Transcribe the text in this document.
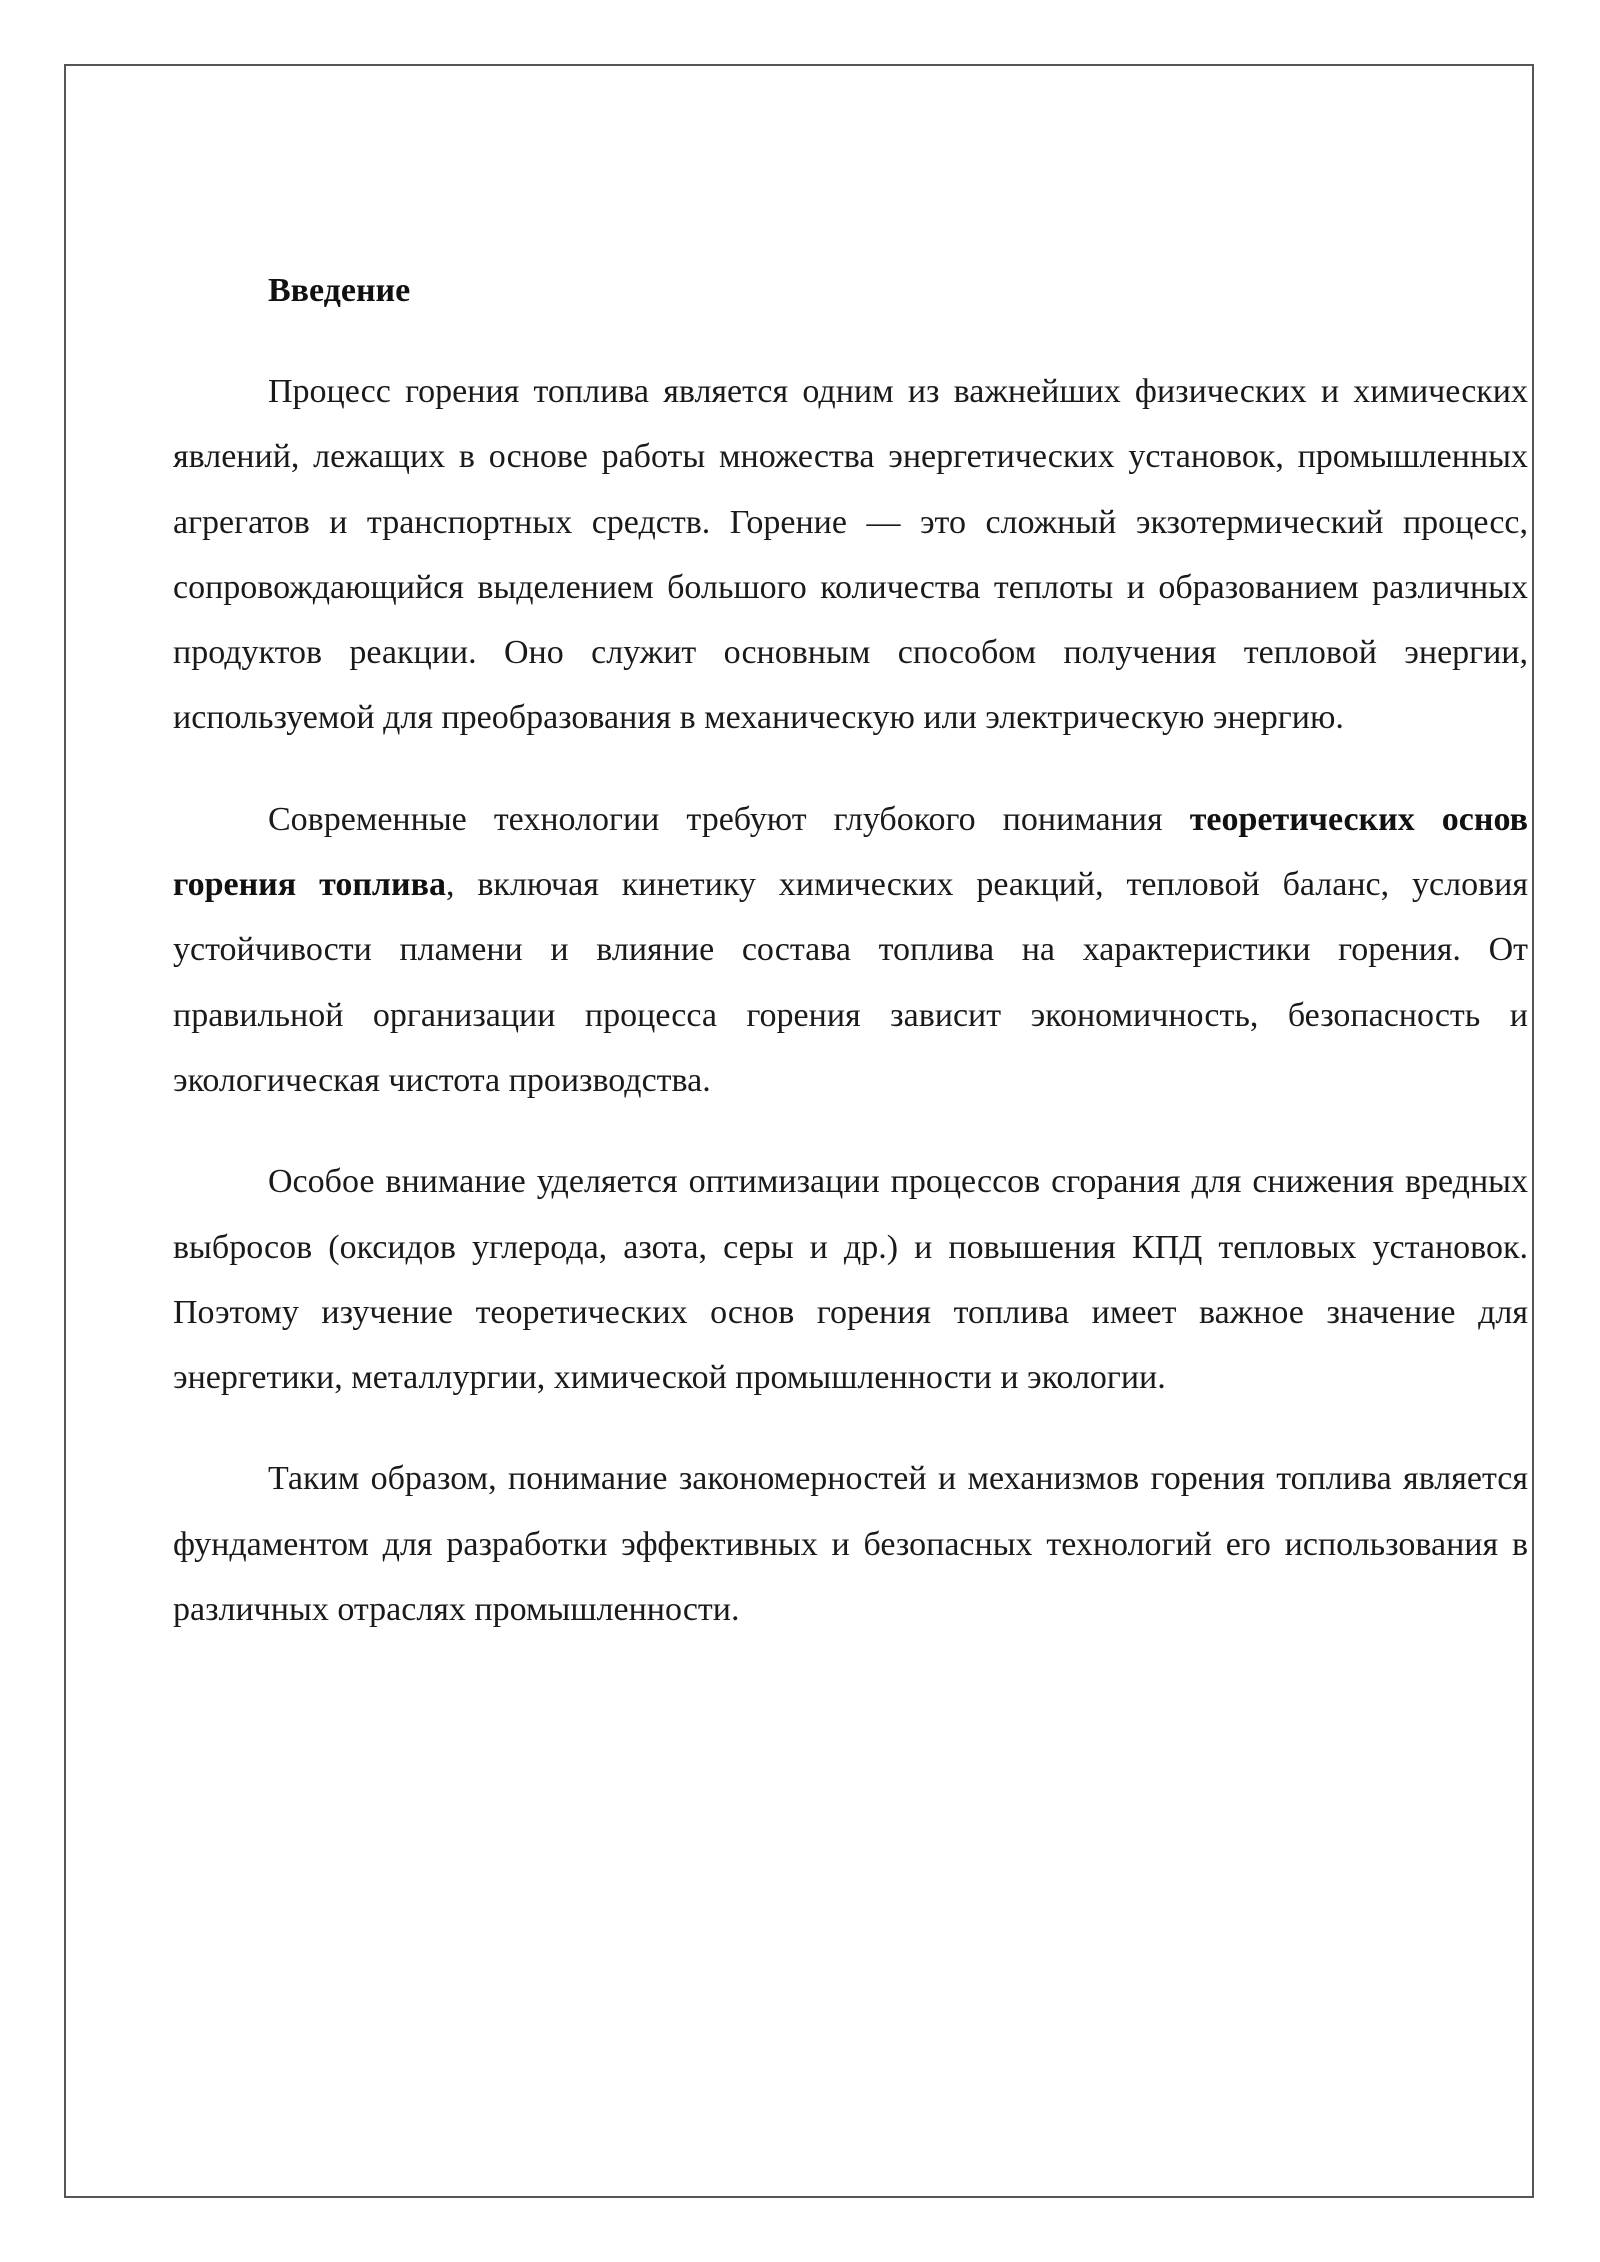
Введение

Процесс горения топлива является одним из важнейших физических и химических явлений, лежащих в основе работы множества энергетических установок, промышленных агрегатов и транспортных средств. Горение — это сложный экзотермический процесс, сопровождающийся выделением большого количества теплоты и образованием различных продуктов реакции. Оно служит основным способом получения тепловой энергии, используемой для преобразования в механическую или электрическую энергию.

Современные технологии требуют глубокого понимания теоретических основ горения топлива, включая кинетику химических реакций, тепловой баланс, условия устойчивости пламени и влияние состава топлива на характеристики горения. От правильной организации процесса горения зависит экономичность, безопасность и экологическая чистота производства.

Особое внимание уделяется оптимизации процессов сгорания для снижения вредных выбросов (оксидов углерода, азота, серы и др.) и повышения КПД тепловых установок. Поэтому изучение теоретических основ горения топлива имеет важное значение для энергетики, металлургии, химической промышленности и экологии.

Таким образом, понимание закономерностей и механизмов горения топлива является фундаментом для разработки эффективных и безопасных технологий его использования в различных отраслях промышленности.
